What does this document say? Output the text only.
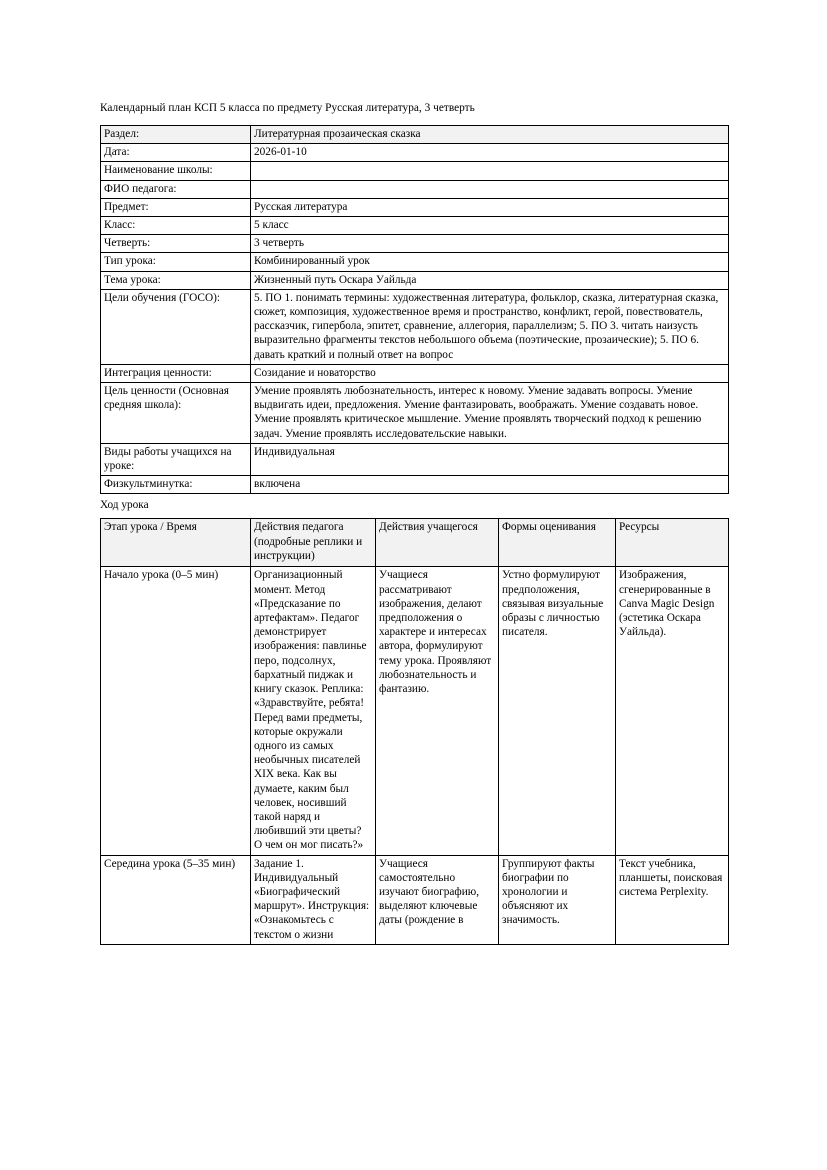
Календарный план КСП 5 класса по предмету Русская литература, 3 четверть
Раздел:	Литературная прозаическая сказка
Дата:	2026-01-10
Наименование школы:	
ФИО педагога:	
Предмет:	Русская литература
Класс:	5 класс
Четверть:	3 четверть
Тип урока:	Комбинированный урок
Тема урока:	Жизненный путь Оскара Уайльда
Цели обучения (ГОСО):	5. ПО 1. понимать термины: художественная литература, фольклор, сказка, литературная сказка, сюжет, композиция, художественное время и пространство, конфликт, герой, повествователь, рассказчик, гипербола, эпитет, сравнение, аллегория, параллелизм; 5. ПО 3. читать наизусть выразительно фрагменты текстов небольшого объема (поэтические, прозаические); 5. ПО 6. давать краткий и полный ответ на вопрос
Интеграция ценности:	Созидание и новаторство
Цель ценности (Основная средняя школа):	Умение проявлять любознательность, интерес к новому. Умение задавать вопросы. Умение выдвигать идеи, предложения. Умение фантазировать, воображать. Умение создавать новое. Умение проявлять критическое мышление. Умение проявлять творческий подход к решению задач. Умение проявлять исследовательские навыки.
Виды работы учащихся на уроке:	Индивидуальная
Физкультминутка:	включена
Ход урока
Этап урока / Время	Действия педагога (подробные реплики и инструкции)	Действия учащегося	Формы оценивания	Ресурсы
Начало урока (0–5 мин)	Организационный момент. Метод «Предсказание по артефактам». Педагог демонстрирует изображения: павлинье перо, подсолнух, бархатный пиджак и книгу сказок. Реплика: «Здравствуйте, ребята! Перед вами предметы, которые окружали одного из самых необычных писателей XIX века. Как вы думаете, каким был человек, носивший такой наряд и любивший эти цветы? О чем он мог писать?»	Учащиеся рассматривают изображения, делают предположения о характере и интересах автора, формулируют тему урока. Проявляют любознательность и фантазию.	Устно формулируют предположения, связывая визуальные образы с личностью писателя.	Изображения, сгенерированные в Canva Magic Design (эстетика Оскара Уайльда).
Середина урока (5–35 мин)	Задание 1. Индивидуальный «Биографический маршрут». Инструкция: «Ознакомьтесь с текстом о жизни	Учащиеся самостоятельно изучают биографию, выделяют ключевые даты (рождение в	Группируют факты биографии по хронологии и объясняют их значимость.	Текст учебника, планшеты, поисковая система Perplexity.
